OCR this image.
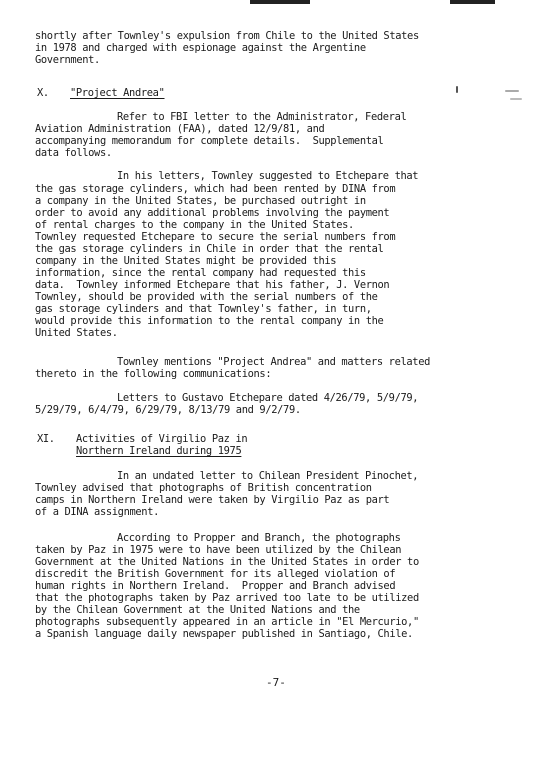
shortly after Townley's expulsion from Chile to the United States
in 1978 and charged with espionage against the Argentine
Government.
X. "Project Andrea"
Refer to FBI letter to the Administrator, Federal
Aviation Administration (FAA), dated 12/9/81, and
accompanying memorandum for complete details.  Supplemental
data follows.
In his letters, Townley suggested to Etchepare that
the gas storage cylinders, which had been rented by DINA from
a company in the United States, be purchased outright in
order to avoid any additional problems involving the payment
of rental charges to the company in the United States.
Townley requested Etchepare to secure the serial numbers from
the gas storage cylinders in Chile in order that the rental
company in the United States might be provided this
information, since the rental company had requested this
data.  Townley informed Etchepare that his father, J. Vernon
Townley, should be provided with the serial numbers of the
gas storage cylinders and that Townley's father, in turn,
would provide this information to the rental company in the
United States.
Townley mentions "Project Andrea" and matters related
thereto in the following communications:
Letters to Gustavo Etchepare dated 4/26/79, 5/9/79,
5/29/79, 6/4/79, 6/29/79, 8/13/79 and 9/2/79.
XI. Activities of Virgilio Paz in
Northern Ireland during 1975
In an undated letter to Chilean President Pinochet,
Townley advised that photographs of British concentration
camps in Northern Ireland were taken by Virgilio Paz as part
of a DINA assignment.
According to Propper and Branch, the photographs
taken by Paz in 1975 were to have been utilized by the Chilean
Government at the United Nations in the United States in order to
discredit the British Government for its alleged violation of
human rights in Northern Ireland.  Propper and Branch advised
that the photographs taken by Paz arrived too late to be utilized
by the Chilean Government at the United Nations and the
photographs subsequently appeared in an article in "El Mercurio,"
a Spanish language daily newspaper published in Santiago, Chile.
-7-
